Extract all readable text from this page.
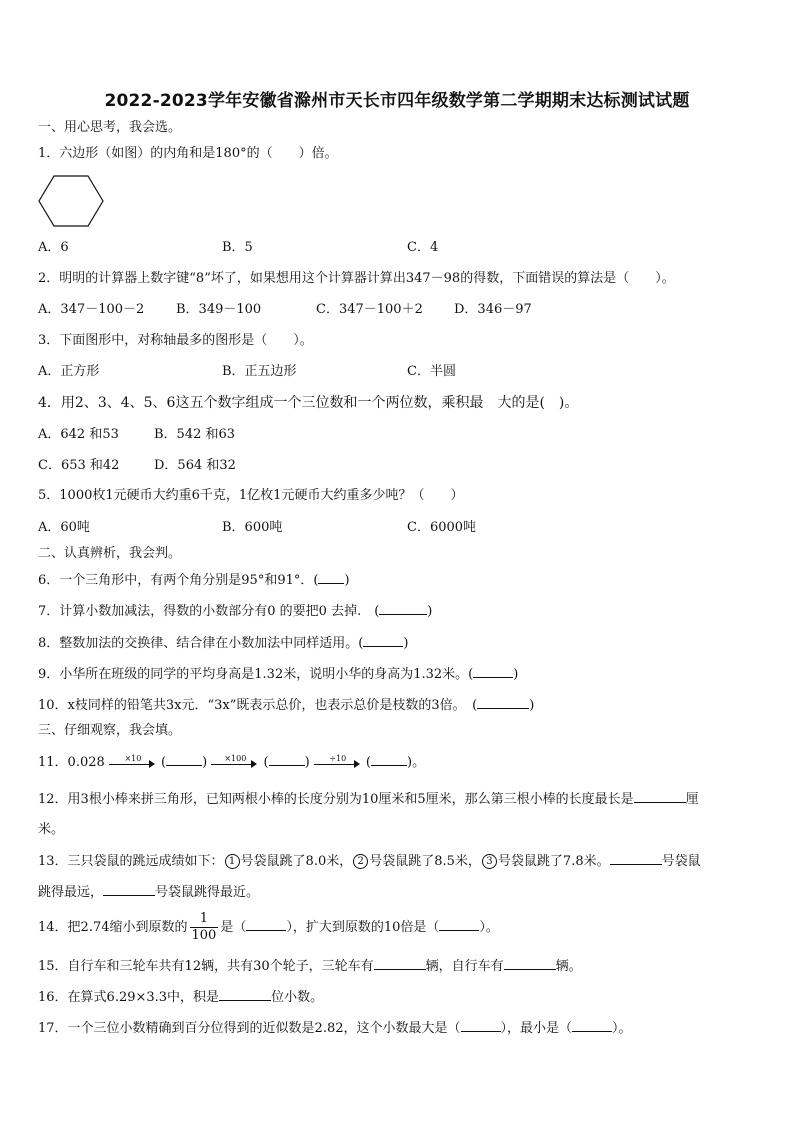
2022-2023学年安徽省滁州市天长市四年级数学第二学期期末达标测试试题
一、用心思考，我会选。
1．六边形（如图）的内角和是180°的（　　）倍。
A．6	B．5	C．4
2．明明的计算器上数字键“8”坏了，如果想用这个计算器计算出347－98的得数，下面错误的算法是（　　）。
A．347－100－2 B．349－100	C．347－100＋2 D．346－97
3．下面图形中，对称轴最多的图形是（　　）。
A．正方形	B．正五边形	C．半圆
4．用2、3、4、5、6这五个数字组成一个三位数和一个两位数，乘积最　大的是(　)。
A．642 和53	B．542 和63
C．653 和42	D．564 和32
5．1000枚1元硬币大约重6千克，1亿枚1元硬币大约重多少吨？（　　）
A．60吨	B．600吨	C．6000吨
二、认真辨析，我会判。
6．一个三角形中，有两个角分别是95°和91°．( )
7．计算小数加减法，得数的小数部分有0 的要把0 去掉.　(	)
8．整数加法的交换律、结合律在小数加法中同样适用。(	)
9．小华所在班级的同学的平均身高是1.32米，说明小华的身高为1.32米。(	)
10．x枝同样的铅笔共3x元．“3x”既表示总价，也表示总价是枝数的3倍。　(	)
三、仔细观察，我会填。
11．0.028	×10	(	)	×100	(	)	÷10	(	)。
12．用3根小棒来拼三角形，已知两根小棒的长度分别为10厘米和5厘米，那么第三根小棒的长度最长是	厘
米。
13．三只袋鼠的跳远成绩如下： 1 号袋鼠跳了8.0米， 2 号袋鼠跳了8.5米， 3 号袋鼠跳了7.8米。	号袋鼠
跳得最远，	号袋鼠跳得最近。
14．把2.74缩小到原数的 $\frac{1}{100}$ 是（	），扩大到原数的10倍是（	）。
15．自行车和三轮车共有12辆，共有30个轮子，三轮车有	辆，自行车有	辆。
16．在算式6.29×3.3中，积是	位小数。
17．一个三位小数精确到百分位得到的近似数是2.82，这个小数最大是（	），最小是（	）。
